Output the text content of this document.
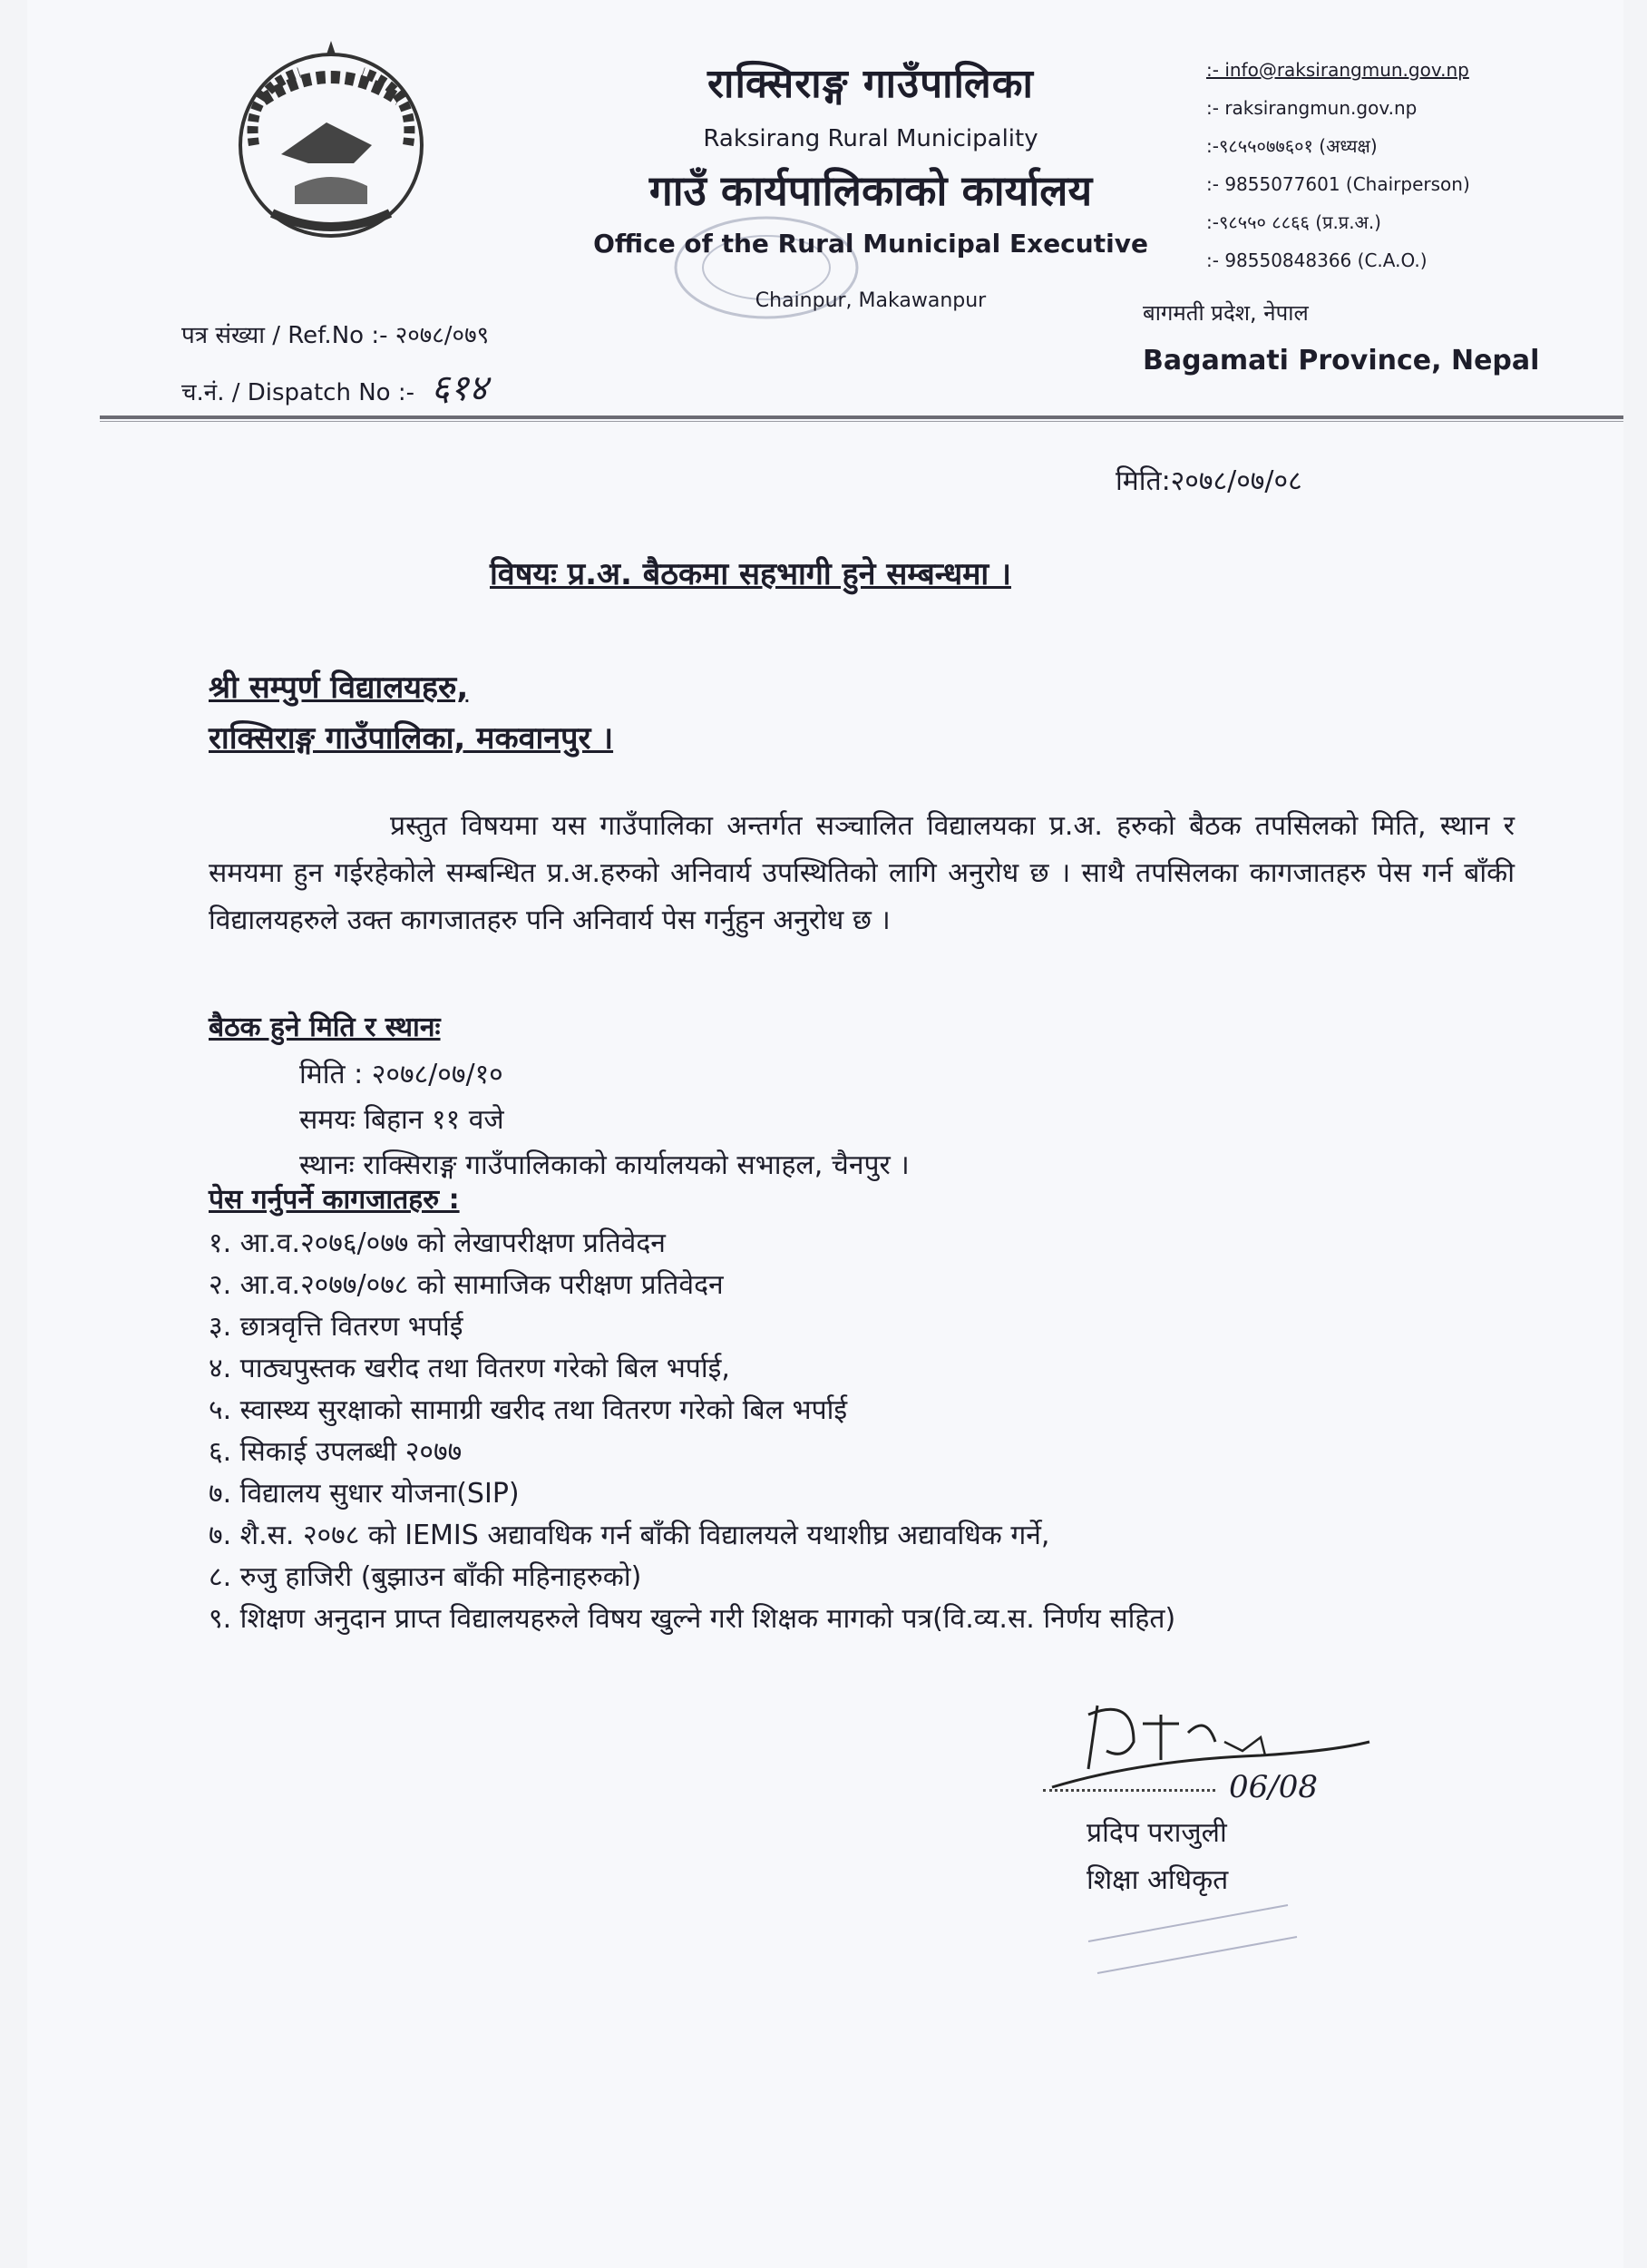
राक्सिराङ्ग गाउँपालिका
Raksirang Rural Municipality
गाउँ कार्यपालिकाको कार्यालय
Office of the Rural Municipal Executive
Chainpur, Makawanpur
:- info@raksirangmun.gov.np
:- raksirangmun.gov.np
:-९८५५०७७६०१ (अध्यक्ष)
:- 9855077601 (Chairperson)
:-९८५५० ८८६६ (प्र.प्र.अ.)
:- 98550848366 (C.A.O.)
बागमती प्रदेश, नेपाल
Bagamati Province, Nepal
पत्र संख्या / Ref.No :- २०७८/०७९
च.नं. / Dispatch No :- ६१४
मिति:२०७८/०७/०८
विषयः प्र.अ. बैठकमा सहभागी हुने सम्बन्धमा ।
श्री सम्पुर्ण विद्यालयहरु,
राक्सिराङ्ग गाउँपालिका, मकवानपुर ।
प्रस्तुत विषयमा यस गाउँपालिका अन्तर्गत सञ्चालित विद्यालयका प्र.अ. हरुको बैठक तपसिलको मिति, स्थान र समयमा हुन गईरहेकोले सम्बन्धित प्र.अ.हरुको अनिवार्य उपस्थितिको लागि अनुरोध छ । साथै तपसिलका कागजातहरु पेस गर्न बाँकी विद्यालयहरुले उक्त कागजातहरु पनि अनिवार्य पेस गर्नुहुन अनुरोध छ ।
बैठक हुने मिति र स्थानः
मिति : २०७८/०७/१०
समयः बिहान ११ वजे
स्थानः राक्सिराङ्ग गाउँपालिकाको कार्यालयको सभाहल, चैनपुर ।
पेस गर्नुपर्ने कागजातहरु :
१. आ.व.२०७६/०७७ को लेखापरीक्षण प्रतिवेदन
२. आ.व.२०७७/०७८ को सामाजिक परीक्षण प्रतिवेदन
३. छात्रवृत्ति वितरण भर्पाई
४. पाठ्यपुस्तक खरीद तथा वितरण गरेको बिल भर्पाई,
५. स्वास्थ्य सुरक्षाको सामाग्री खरीद तथा वितरण गरेको बिल भर्पाई
६. सिकाई उपलब्धी २०७७
७. विद्यालय सुधार योजना(SIP)
७. शै.स. २०७८ को IEMIS अद्यावधिक गर्न बाँकी विद्यालयले यथाशीघ्र अद्यावधिक गर्ने,
८. रुजु हाजिरी (बुझाउन बाँकी महिनाहरुको)
९. शिक्षण अनुदान प्राप्त विद्यालयहरुले विषय खुल्ने गरी शिक्षक मागको पत्र(वि.व्य.स. निर्णय सहित)
06/08
प्रदिप पराजुली
शिक्षा अधिकृत
